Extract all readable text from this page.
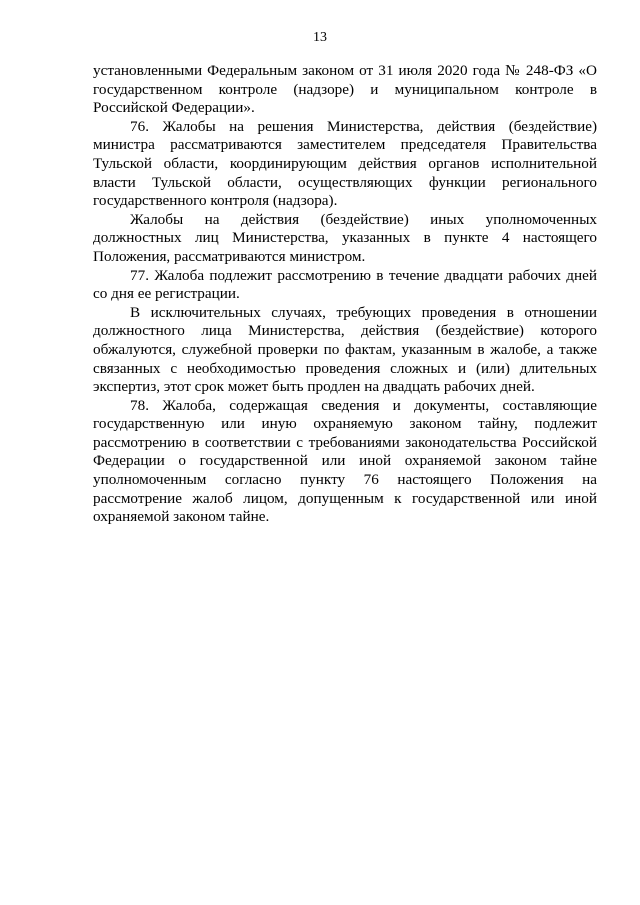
13

установленными Федеральным законом от 31 июля 2020 года № 248-ФЗ «О государственном контроле (надзоре) и муниципальном контроле в Российской Федерации».

76. Жалобы на решения Министерства, действия (бездействие) министра рассматриваются заместителем председателя Правительства Тульской области, координирующим действия органов исполнительной власти Тульской области, осуществляющих функции регионального государственного контроля (надзора).

Жалобы на действия (бездействие) иных уполномоченных должностных лиц Министерства, указанных в пункте 4 настоящего Положения, рассматриваются министром.

77. Жалоба подлежит рассмотрению в течение двадцати рабочих дней со дня ее регистрации.

В исключительных случаях, требующих проведения в отношении должностного лица Министерства, действия (бездействие) которого обжалуются, служебной проверки по фактам, указанным в жалобе, а также связанных с необходимостью проведения сложных и (или) длительных экспертиз, этот срок может быть продлен на двадцать рабочих дней.

78. Жалоба, содержащая сведения и документы, составляющие государственную или иную охраняемую законом тайну, подлежит рассмотрению в соответствии с требованиями законодательства Российской Федерации о государственной или иной охраняемой законом тайне уполномоченным согласно пункту 76 настоящего Положения на рассмотрение жалоб лицом, допущенным к государственной или иной охраняемой законом тайне.
